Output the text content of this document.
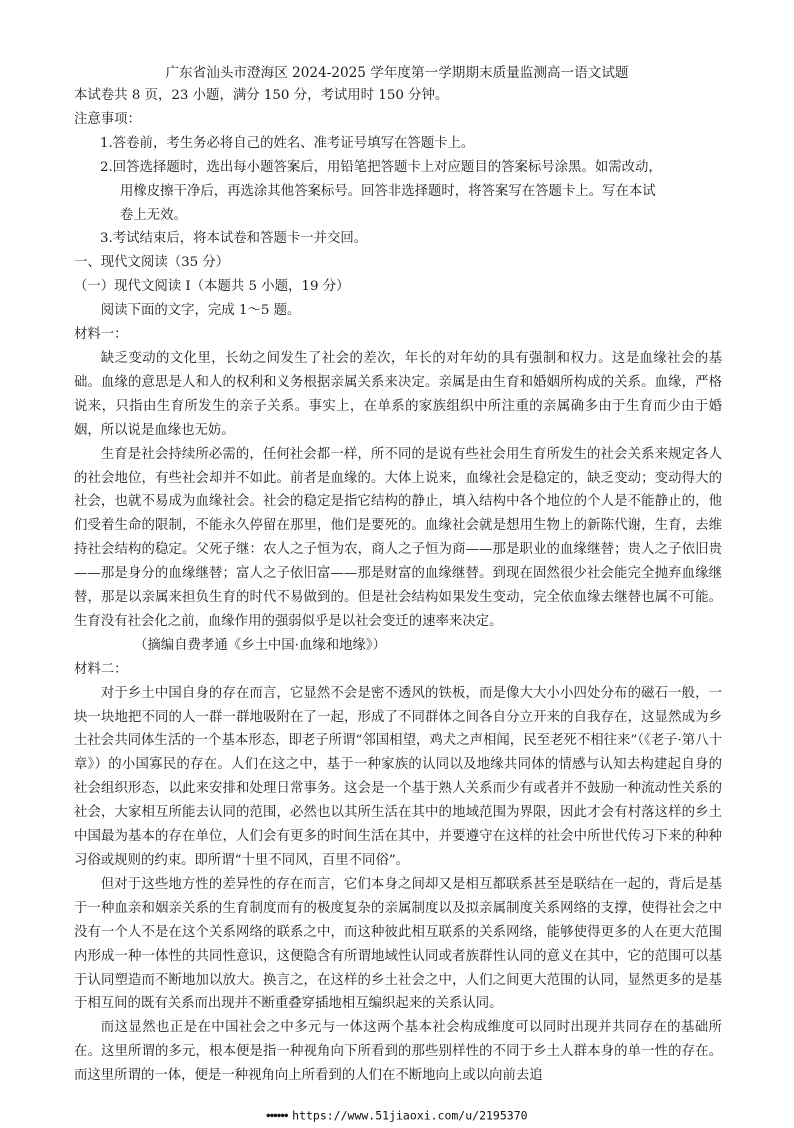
广东省汕头市澄海区 2024-2025 学年度第一学期期末质量监测高一语文试题
本试卷共 8 页，23 小题，满分 150 分，考试用时 150 分钟。
注意事项：
1.答卷前，考生务必将自己的姓名、准考证号填写在答题卡上。
2.回答选择题时，选出每小题答案后，用铅笔把答题卡上对应题目的答案标号涂黑。如需改动，
用橡皮擦干净后，再选涂其他答案标号。回答非选择题时，将答案写在答题卡上。写在本试
卷上无效。
3.考试结束后，将本试卷和答题卡一并交回。
一、现代文阅读（35 分）
（一）现代文阅读 I（本题共 5 小题，19 分）
阅读下面的文字，完成 1～5 题。
材料一：
缺乏变动的文化里，长幼之间发生了社会的差次，年长的对年幼的具有强制和权力。这是血缘社会的基础。血缘的意思是人和人的权利和义务根据亲属关系来决定。亲属是由生育和婚姻所构成的关系。血缘，严格说来，只指由生育所发生的亲子关系。事实上，在单系的家族组织中所注重的亲属确多由于生育而少由于婚姻，所以说是血缘也无妨。
生育是社会持续所必需的，任何社会都一样，所不同的是说有些社会用生育所发生的社会关系来规定各人的社会地位，有些社会却并不如此。前者是血缘的。大体上说来，血缘社会是稳定的，缺乏变动；变动得大的社会，也就不易成为血缘社会。社会的稳定是指它结构的静止，填入结构中各个地位的个人是不能静止的，他们受着生命的限制，不能永久停留在那里，他们是要死的。血缘社会就是想用生物上的新陈代谢，生育，去维持社会结构的稳定。父死子继：农人之子恒为农，商人之子恒为商——那是职业的血缘继替；贵人之子依旧贵——那是身分的血缘继替；富人之子依旧富——那是财富的血缘继替。到现在固然很少社会能完全抛弃血缘继替，那是以亲属来担负生育的时代不易做到的。但是社会结构如果发生变动，完全依血缘去继替也属不可能。生育没有社会化之前，血缘作用的强弱似乎是以社会变迁的速率来决定。
（摘编自费孝通《乡土中国·血缘和地缘》）
材料二：
对于乡土中国自身的存在而言，它显然不会是密不透风的铁板，而是像大大小小四处分布的磁石一般，一块一块地把不同的人一群一群地吸附在了一起，形成了不同群体之间各自分立开来的自我存在，这显然成为乡土社会共同体生活的一个基本形态，即老子所谓“邻国相望，鸡犬之声相闻，民至老死不相往来”（《老子·第八十章》）的小国寡民的存在。人们在这之中，基于一种家族的认同以及地缘共同体的情感与认知去构建起自身的社会组织形态，以此来安排和处理日常事务。这会是一个基于熟人关系而少有或者并不鼓励一种流动性关系的社会，大家相互所能去认同的范围，必然也以其所生活在其中的地域范围为界限，因此才会有村落这样的乡土中国最为基本的存在单位，人们会有更多的时间生活在其中，并要遵守在这样的社会中所世代传习下来的种种习俗或规则的约束。即所谓“十里不同风，百里不同俗”。
但对于这些地方性的差异性的存在而言，它们本身之间却又是相互都联系甚至是联结在一起的，背后是基于一种血亲和姻亲关系的生育制度而有的极度复杂的亲属制度以及拟亲属制度关系网络的支撑，使得社会之中没有一个人不是在这个关系网络的联系之中，而这种彼此相互联系的关系网络，能够使得更多的人在更大范围内形成一种一体性的共同性意识，这便隐含有所谓地域性认同或者族群性认同的意义在其中，它的范围可以基于认同塑造而不断地加以放大。换言之，在这样的乡土社会之中，人们之间更大范围的认同，显然更多的是基于相互间的既有关系而出现并不断重叠穿插地相互编织起来的关系认同。
而这显然也正是在中国社会之中多元与一体这两个基本社会构成维度可以同时出现并共同存在的基础所在。这里所谓的多元，根本便是指一种视角向下所看到的那些别样性的不同于乡土人群本身的单一性的存在。而这里所谓的一体，便是一种视角向上所看到的人们在不断地向上或以向前去追
●●●●●● https://www.51jiaoxi.com/u/2195370
